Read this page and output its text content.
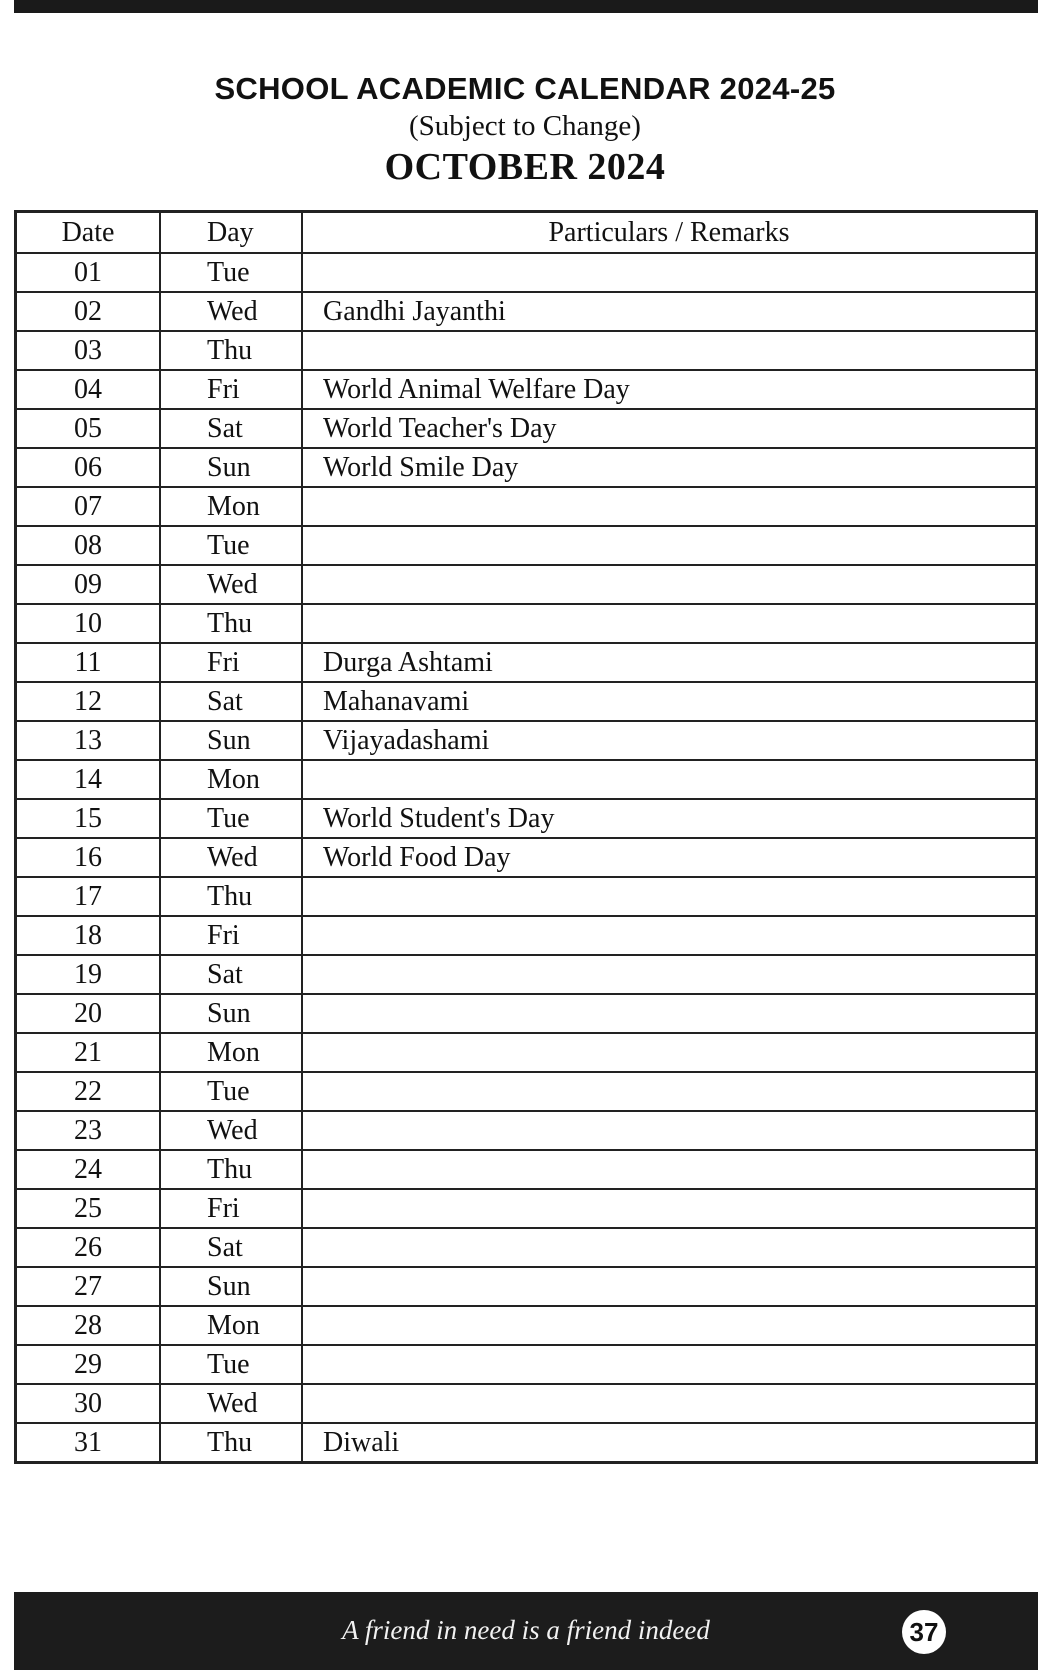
SCHOOL ACADEMIC CALENDAR 2024-25
(Subject to Change)
OCTOBER 2024
Date	Day	Particulars / Remarks
01	Tue	
02	Wed	Gandhi Jayanthi
03	Thu	
04	Fri	World Animal Welfare Day
05	Sat	World Teacher's Day
06	Sun	World Smile Day
07	Mon	
08	Tue	
09	Wed	
10	Thu	
11	Fri	Durga Ashtami
12	Sat	Mahanavami
13	Sun	Vijayadashami
14	Mon	
15	Tue	World Student's Day
16	Wed	World Food Day
17	Thu	
18	Fri	
19	Sat	
20	Sun	
21	Mon	
22	Tue	
23	Wed	
24	Thu	
25	Fri	
26	Sat	
27	Sun	
28	Mon	
29	Tue	
30	Wed	
31	Thu	Diwali
A friend in need is a friend indeed	37
